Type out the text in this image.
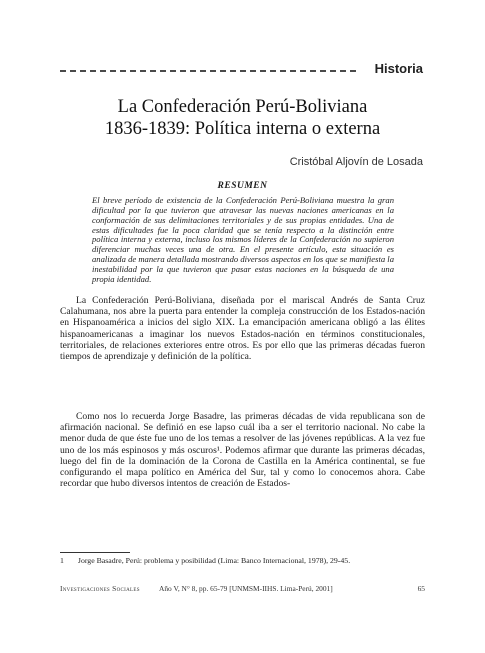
Historia
La Confederación Perú-Boliviana
1836-1839: Política interna o externa
Cristóbal Aljovín de Losada
RESUMEN

El breve período de existencia de la Confederación Perú-Boliviana muestra la gran dificultad por la que tuvieron que atravesar las nuevas naciones americanas en la conformación de sus delimitaciones territoriales y de sus propias entidades. Una de estas dificultades fue la poca claridad que se tenía respecto a la distinción entre política interna y externa, incluso los mismos líderes de la Confederación no supieron diferenciar muchas veces una de otra. En el presente artículo, esta situación es analizada de manera detallada mostrando diversos aspectos en los que se manifiesta la inestabilidad por la que tuvieron que pasar estas naciones en la búsqueda de una propia identidad.

La Confederación Perú-Boliviana, diseñada por el mariscal Andrés de Santa Cruz Calahumana, nos abre la puerta para entender la compleja construcción de los Estados-nación en Hispanoamérica a inicios del siglo XIX. La emancipación americana obligó a las élites hispanoamericanas a imaginar los nuevos Estados-nación en términos constitucionales, territoriales, de relaciones exteriores entre otros. Es por ello que las primeras décadas fueron tiempos de aprendizaje y definición de la política.

Como nos lo recuerda Jorge Basadre, las primeras décadas de vida republicana son de afirmación nacional. Se definió en ese lapso cuál iba a ser el territorio nacional. No cabe la menor duda de que éste fue uno de los temas a resolver de las jóvenes repúblicas. A la vez fue uno de los más espinosos y más oscuros¹. Podemos afirmar que durante las primeras décadas, luego del fin de la dominación de la Corona de Castilla en la América continental, se fue configurando el mapa político en América del Sur, tal y como lo conocemos ahora. Cabe recordar que hubo diversos intentos de creación de Estados-

1 Jorge Basadre, Perú: problema y posibilidad (Lima: Banco Internacional, 1978), 29-45.

Investigaciones Sociales	Año V, N° 8, pp. 65-79 [UNMSM-IIHS. Lima-Perú, 2001]	65
